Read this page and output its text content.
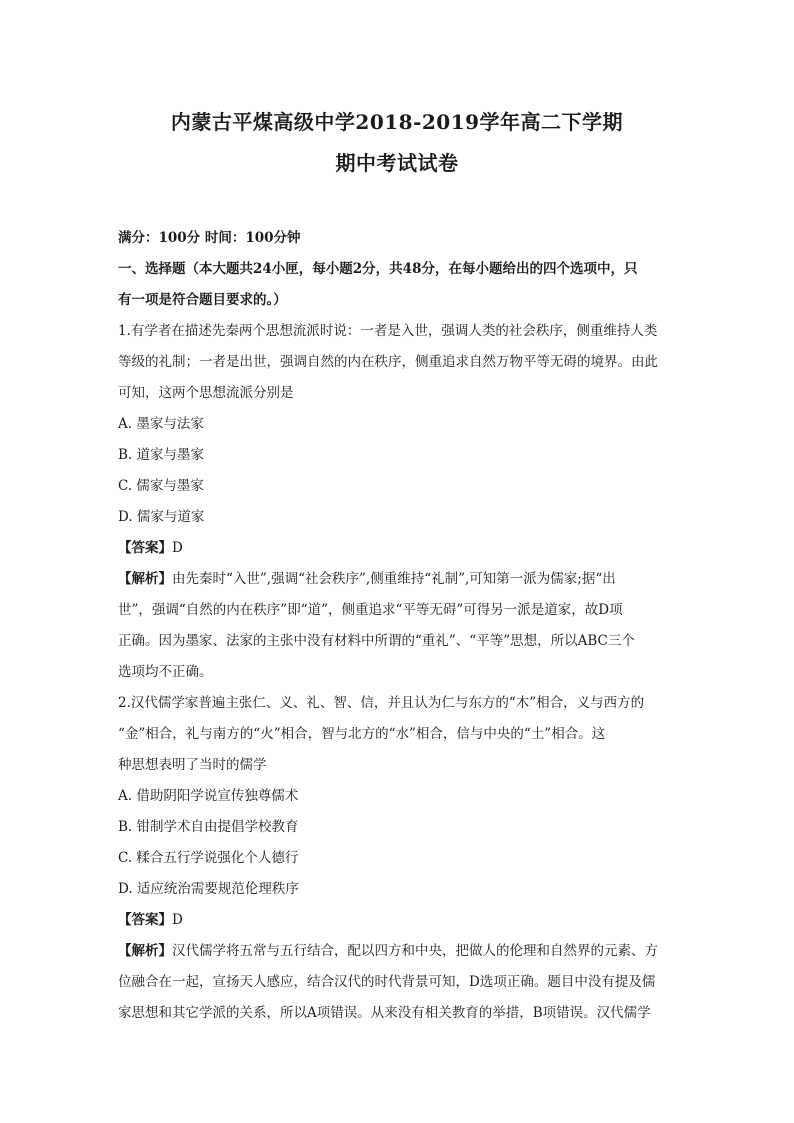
内蒙古平煤高级中学2018-2019学年高二下学期
期中考试试卷
满分：100分 时间：100分钟
一、选择题（本大题共24小匣，每小题2分，共48分，在每小题给出的四个选项中，只
有一项是符合题目要求的。）
1.有学者在描述先秦两个思想流派时说：一者是入世，强调人类的社会秩序，侧重维持人类
等级的礼制；一者是出世，强调自然的内在秩序，侧重追求自然万物平等无碍的境界。由此
可知，这两个思想流派分别是
A. 墨家与法家
B. 道家与墨家
C. 儒家与墨家
D. 儒家与道家
【答案】D
【解析】由先秦时“入世”,强调“社会秩序”,侧重维持“礼制”,可知第一派为儒家;据“出
世”，强调“自然的内在秩序”即“道”，侧重追求“平等无碍”可得另一派是道家，故D项
正确。因为墨家、法家的主张中没有材料中所谓的“重礼”、“平等”思想，所以ABC三个
选项均不正确。
2.汉代儒学家普遍主张仁、义、礼、智、信，并且认为仁与东方的“木”相合，义与西方的
“金”相合，礼与南方的“火”相合，智与北方的“水”相合，信与中央的“土”相合。这
种思想表明了当时的儒学
A. 借助阴阳学说宣传独尊儒术
B. 钳制学术自由提倡学校教育
C. 糅合五行学说强化个人德行
D. 适应统治需要规范伦理秩序
【答案】D
【解析】汉代儒学将五常与五行结合，配以四方和中央，把做人的伦理和自然界的元素、方
位融合在一起，宣扬天人感应，结合汉代的时代背景可知，D选项正确。题目中没有提及儒
家思想和其它学派的关系，所以A项错误。从来没有相关教育的举措，B项错误。汉代儒学
